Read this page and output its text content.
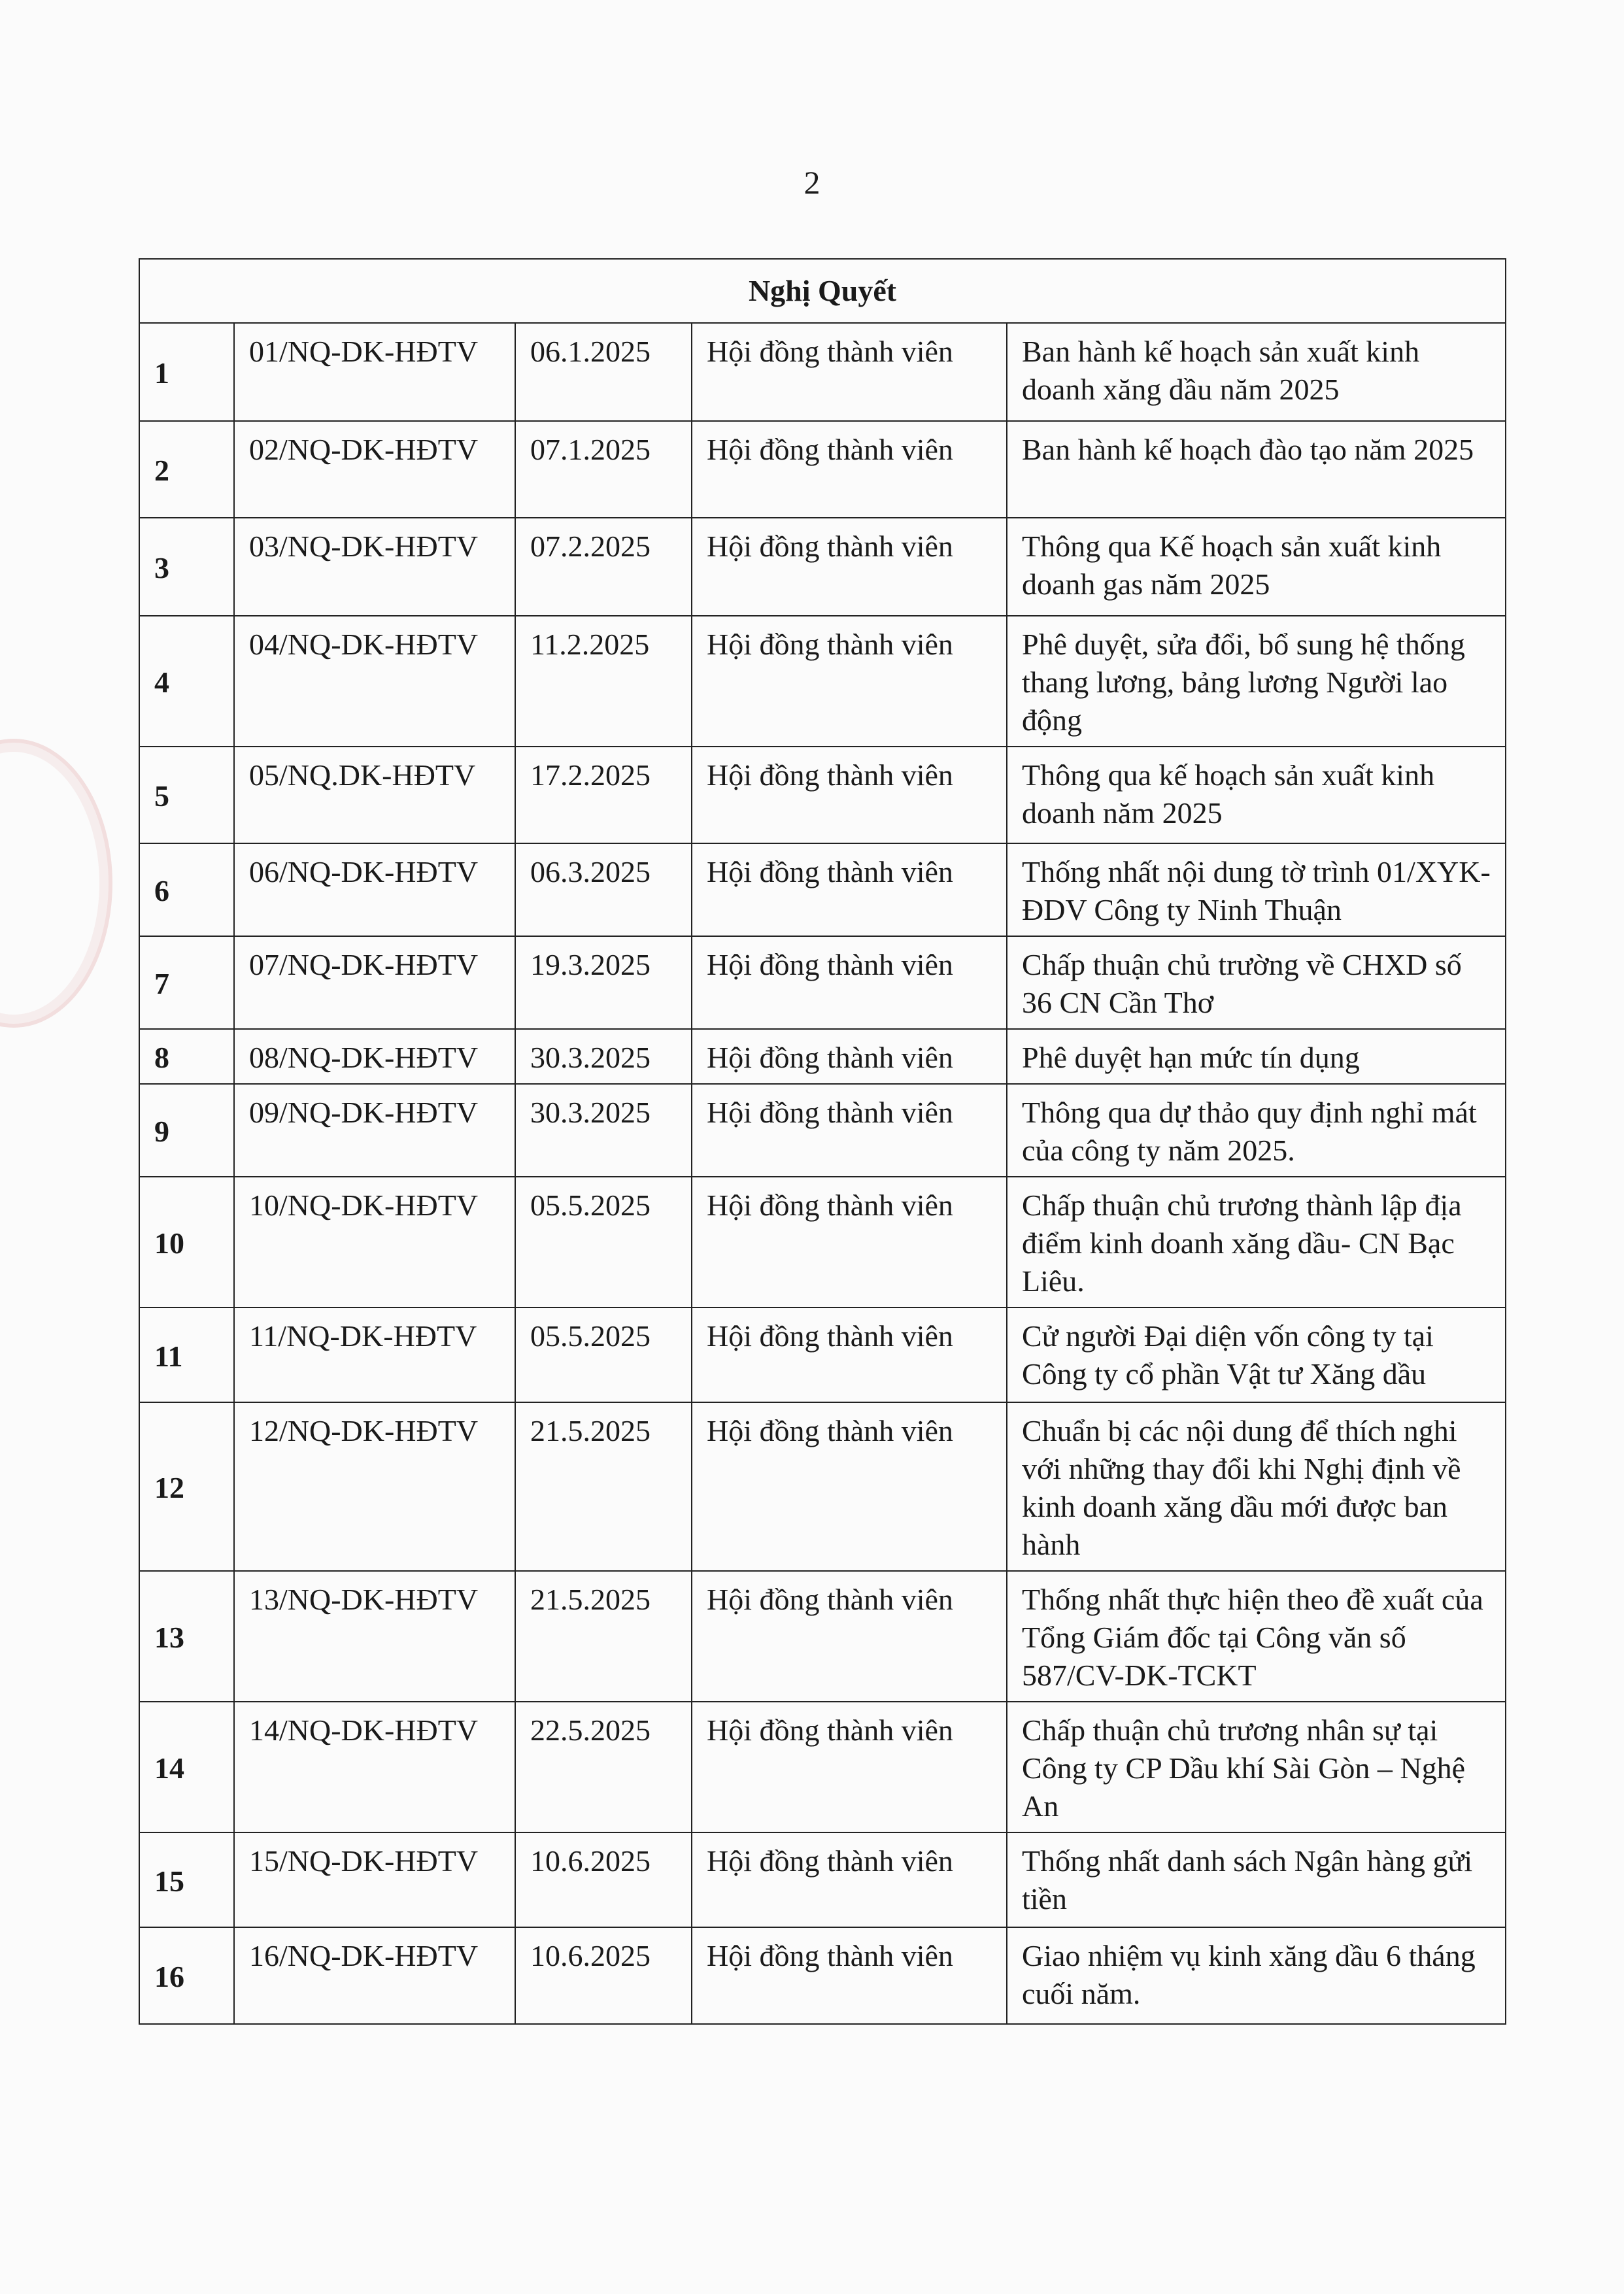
2
Nghị Quyết				
1	01/NQ-DK-HĐTV	06.1.2025	Hội đồng thành viên	Ban hành kế hoạch sản xuất kinh doanh xăng dầu năm 2025
2	02/NQ-DK-HĐTV	07.1.2025	Hội đồng thành viên	Ban hành kế hoạch đào tạo năm 2025
3	03/NQ-DK-HĐTV	07.2.2025	Hội đồng thành viên	Thông qua Kế hoạch sản xuất kinh doanh gas năm 2025
4	04/NQ-DK-HĐTV	11.2.2025	Hội đồng thành viên	Phê duyệt, sửa đổi, bổ sung hệ thống thang lương, bảng lương Người lao động
5	05/NQ.DK-HĐTV	17.2.2025	Hội đồng thành viên	Thông qua kế hoạch sản xuất kinh doanh năm 2025
6	06/NQ-DK-HĐTV	06.3.2025	Hội đồng thành viên	Thống nhất nội dung tờ trình 01/XYK-ĐDV Công ty Ninh Thuận
7	07/NQ-DK-HĐTV	19.3.2025	Hội đồng thành viên	Chấp thuận chủ trường về CHXD số 36 CN Cần Thơ
8	08/NQ-DK-HĐTV	30.3.2025	Hội đồng thành viên	Phê duyệt hạn mức tín dụng
9	09/NQ-DK-HĐTV	30.3.2025	Hội đồng thành viên	Thông qua dự thảo quy định nghỉ mát của công ty năm 2025.
10	10/NQ-DK-HĐTV	05.5.2025	Hội đồng thành viên	Chấp thuận chủ trương thành lập địa điểm kinh doanh xăng dầu- CN Bạc Liêu.
11	11/NQ-DK-HĐTV	05.5.2025	Hội đồng thành viên	Cử người Đại diện vốn công ty tại Công ty cổ phần Vật tư Xăng dầu
12	12/NQ-DK-HĐTV	21.5.2025	Hội đồng thành viên	Chuẩn bị các nội dung để thích nghi với những thay đổi khi Nghị định về kinh doanh xăng dầu mới được ban hành
13	13/NQ-DK-HĐTV	21.5.2025	Hội đồng thành viên	Thống nhất thực hiện theo đề xuất của Tổng Giám đốc tại Công văn số 587/CV-DK-TCKT
14	14/NQ-DK-HĐTV	22.5.2025	Hội đồng thành viên	Chấp thuận chủ trương nhân sự tại Công ty CP Dầu khí Sài Gòn – Nghệ An
15	15/NQ-DK-HĐTV	10.6.2025	Hội đồng thành viên	Thống nhất danh sách Ngân hàng gửi tiền
16	16/NQ-DK-HĐTV	10.6.2025	Hội đồng thành viên	Giao nhiệm vụ kinh xăng dầu 6 tháng cuối năm.
